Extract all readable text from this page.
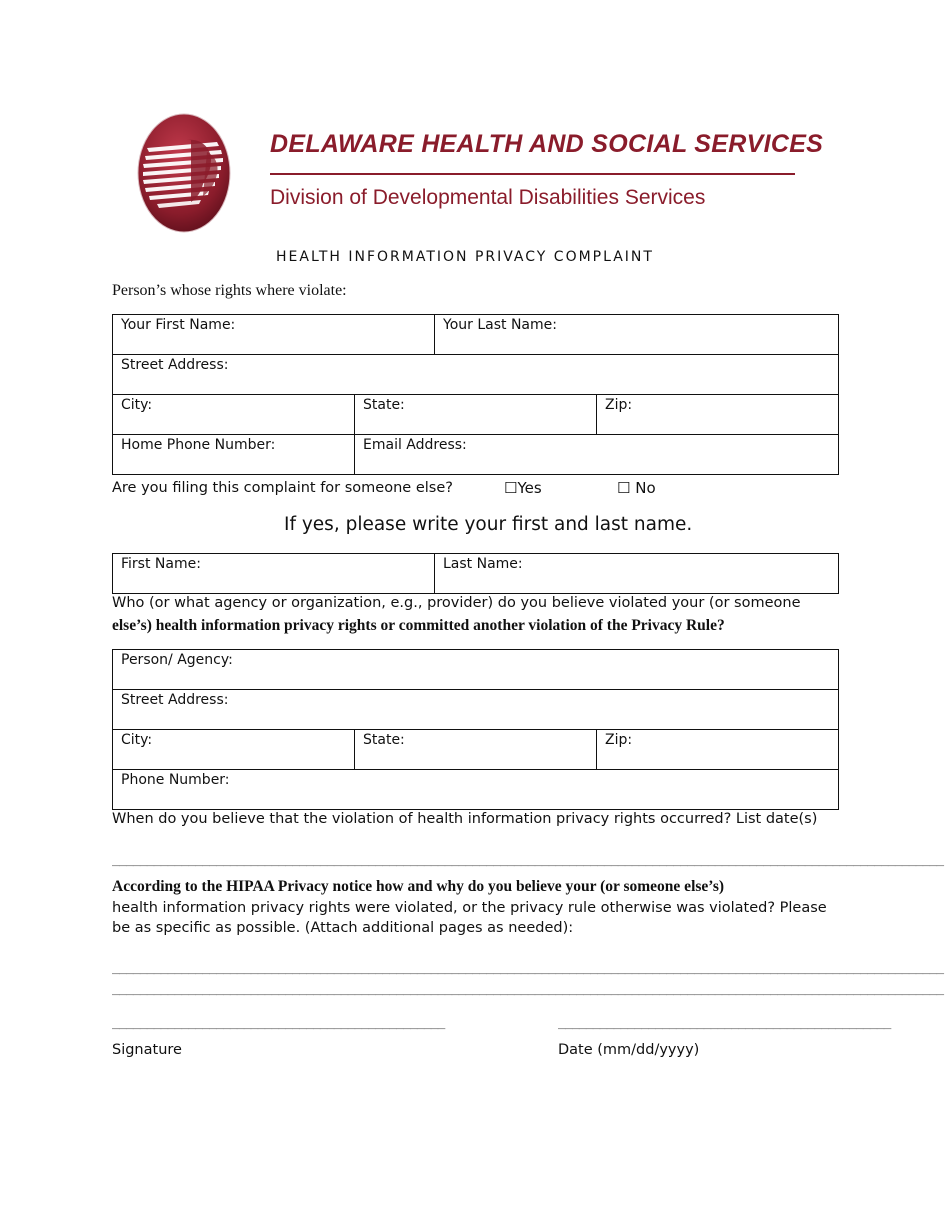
DELAWARE HEALTH AND SOCIAL SERVICES
Division of Developmental Disabilities Services
HEALTH INFORMATION PRIVACY COMPLAINT
Person’s whose rights where violate:
Your First Name:	Your Last Name:
Street Address:
City:	State:	Zip:
Home Phone Number:	Email Address:
Are you filing this complaint for someone else?	☐Yes	☐ No
If yes, please write your first and last name.
First Name:	Last Name:
Who (or what agency or organization, e.g., provider) do you believe violated your (or someone
else’s) health information privacy rights or committed another violation of the Privacy Rule?
Person/ Agency:
Street Address:
City:	State:	Zip:
Phone Number:
When do you believe that the violation of health information privacy rights occurred? List date(s)
________________________________________________________________________________________________________________________
According to the HIPAA Privacy notice how and why do you believe your (or someone else’s)
health information privacy rights were violated, or the privacy rule otherwise was violated? Please
be as specific as possible. (Attach additional pages as needed):
________________________________________________________________________________________________________________________
________________________________________________________________________________________________________________________
________________________________________________	________________________________________________
Signature	Date (mm/dd/yyyy)
